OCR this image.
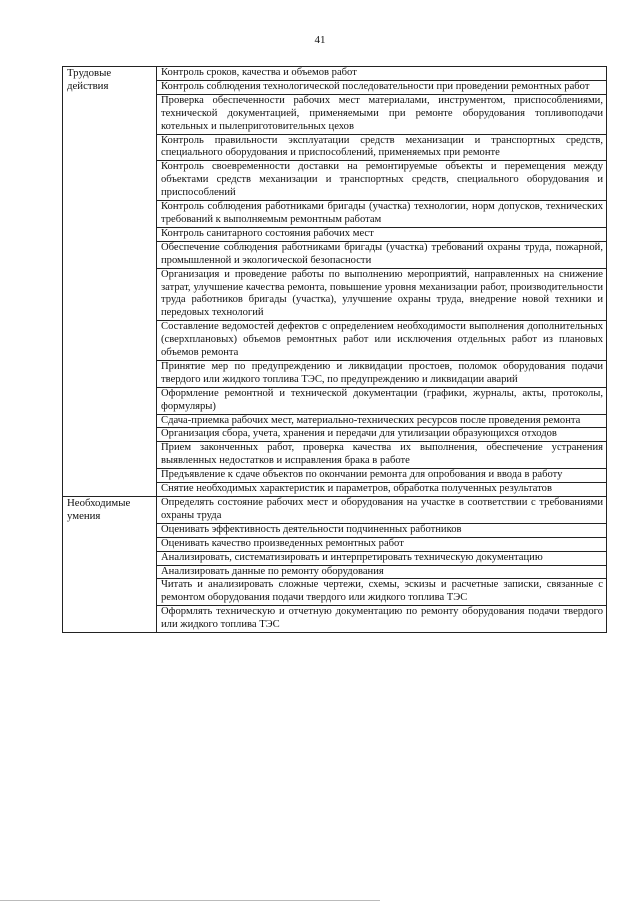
41
Трудовые действия	Контроль сроков, качества и объемов работ
	Контроль соблюдения технологической последовательности при проведении ремонтных работ
	Проверка обеспеченности рабочих мест материалами, инструментом, приспособлениями, технической документацией, применяемыми при ремонте оборудования топливоподачи котельных и пылеприготовительных цехов
	Контроль правильности эксплуатации средств механизации и транспортных средств, специального оборудования и приспособлений, применяемых при ремонте
	Контроль своевременности доставки на ремонтируемые объекты и перемещения между объектами средств механизации и транспортных средств, специального оборудования и приспособлений
	Контроль соблюдения работниками бригады (участка) технологии, норм допусков, технических требований к выполняемым ремонтным работам
	Контроль санитарного состояния рабочих мест
	Обеспечение соблюдения работниками бригады (участка) требований охраны труда, пожарной, промышленной и экологической безопасности
	Организация и проведение работы по выполнению мероприятий, направленных на снижение затрат, улучшение качества ремонта, повышение уровня механизации работ, производительности труда работников бригады (участка), улучшение охраны труда, внедрение новой техники и передовых технологий
	Составление ведомостей дефектов с определением необходимости выполнения дополнительных (сверхплановых) объемов ремонтных работ или исключения отдельных работ из плановых объемов ремонта
	Принятие мер по предупреждению и ликвидации простоев, поломок оборудования подачи твердого или жидкого топлива ТЭС, по предупреждению и ликвидации аварий
	Оформление ремонтной и технической документации (графики, журналы, акты, протоколы, формуляры)
	Сдача-приемка рабочих мест, материально-технических ресурсов после проведения ремонта
	Организация сбора, учета, хранения и передачи для утилизации образующихся отходов
	Прием законченных работ, проверка качества их выполнения, обеспечение устранения выявленных недостатков и исправления брака в работе
	Предъявление к сдаче объектов по окончании ремонта для опробования и ввода в работу
	Снятие необходимых характеристик и параметров, обработка полученных результатов
Необходимые умения	Определять состояние рабочих мест и оборудования на участке в соответствии с требованиями охраны труда
	Оценивать эффективность деятельности подчиненных работников
	Оценивать качество произведенных ремонтных работ
	Анализировать, систематизировать и интерпретировать техническую документацию
	Анализировать данные по ремонту оборудования
	Читать и анализировать сложные чертежи, схемы, эскизы и расчетные записки, связанные с ремонтом оборудования подачи твердого или жидкого топлива ТЭС
	Оформлять техническую и отчетную документацию по ремонту оборудования подачи твердого или жидкого топлива ТЭС
